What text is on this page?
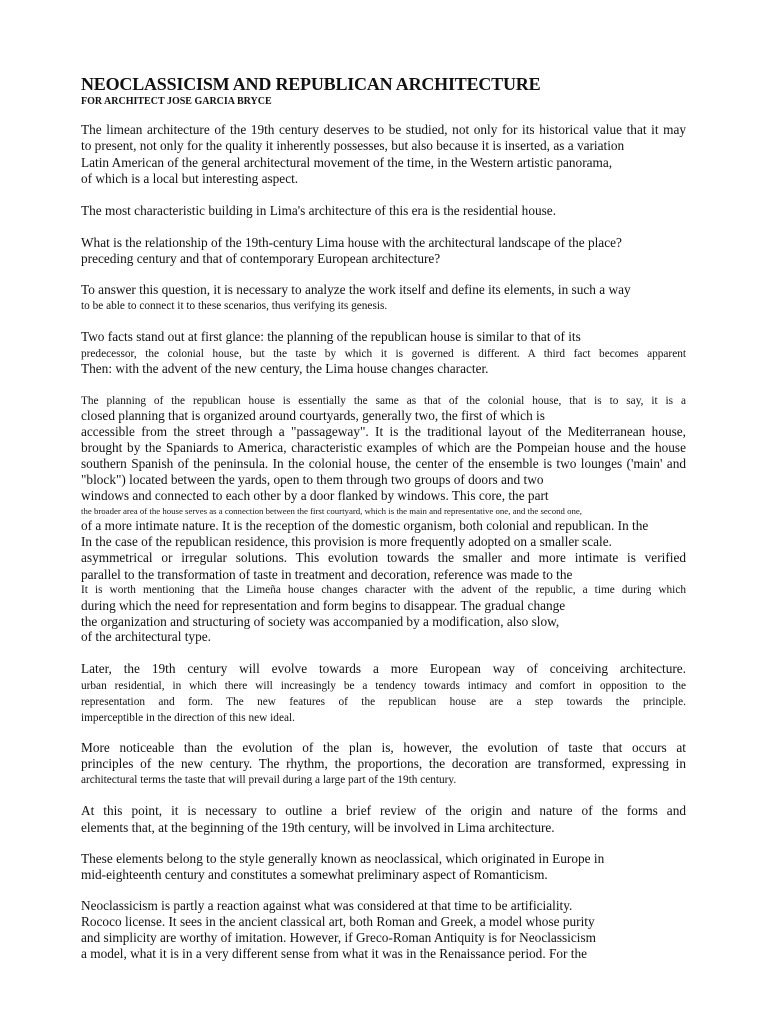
NEOCLASSICISM AND REPUBLICAN ARCHITECTURE
FOR ARCHITECT JOSE GARCIA BRYCE

The limean architecture of the 19th century deserves to be studied, not only for its historical value that it may

to present, not only for the quality it inherently possesses, but also because it is inserted, as a variation

Latin American of the general architectural movement of the time, in the Western artistic panorama,

of which is a local but interesting aspect.

The most characteristic building in Lima's architecture of this era is the residential house.

What is the relationship of the 19th-century Lima house with the architectural landscape of the place?

preceding century and that of contemporary European architecture?

To answer this question, it is necessary to analyze the work itself and define its elements, in such a way

to be able to connect it to these scenarios, thus verifying its genesis.

Two facts stand out at first glance: the planning of the republican house is similar to that of its

predecessor, the colonial house, but the taste by which it is governed is different. A third fact becomes apparent

Then: with the advent of the new century, the Lima house changes character.

The planning of the republican house is essentially the same as that of the colonial house, that is to say, it is a

closed planning that is organized around courtyards, generally two, the first of which is

accessible from the street through a "passageway". It is the traditional layout of the Mediterranean house,

brought by the Spaniards to America, characteristic examples of which are the Pompeian house and the house

southern Spanish of the peninsula. In the colonial house, the center of the ensemble is two lounges ('main' and

"block") located between the yards, open to them through two groups of doors and two

windows and connected to each other by a door flanked by windows. This core, the part

the broader area of the house serves as a connection between the first courtyard, which is the main and representative one, and the second one,

of a more intimate nature. It is the reception of the domestic organism, both colonial and republican. In the

In the case of the republican residence, this provision is more frequently adopted on a smaller scale.

asymmetrical or irregular solutions. This evolution towards the smaller and more intimate is verified

parallel to the transformation of taste in treatment and decoration, reference was made to the

It is worth mentioning that the Limeña house changes character with the advent of the republic, a time during which

during which the need for representation and form begins to disappear. The gradual change

the organization and structuring of society was accompanied by a modification, also slow,

of the architectural type.

Later, the 19th century will evolve towards a more European way of conceiving architecture.

urban residential, in which there will increasingly be a tendency towards intimacy and comfort in opposition to the

representation and form. The new features of the republican house are a step towards the principle.

imperceptible in the direction of this new ideal.

More noticeable than the evolution of the plan is, however, the evolution of taste that occurs at

principles of the new century. The rhythm, the proportions, the decoration are transformed, expressing in

architectural terms the taste that will prevail during a large part of the 19th century.

At this point, it is necessary to outline a brief review of the origin and nature of the forms and

elements that, at the beginning of the 19th century, will be involved in Lima architecture.

These elements belong to the style generally known as neoclassical, which originated in Europe in

mid-eighteenth century and constitutes a somewhat preliminary aspect of Romanticism.

Neoclassicism is partly a reaction against what was considered at that time to be artificiality.

Rococo license. It sees in the ancient classical art, both Roman and Greek, a model whose purity

and simplicity are worthy of imitation. However, if Greco-Roman Antiquity is for Neoclassicism

a model, what it is in a very different sense from what it was in the Renaissance period. For the
